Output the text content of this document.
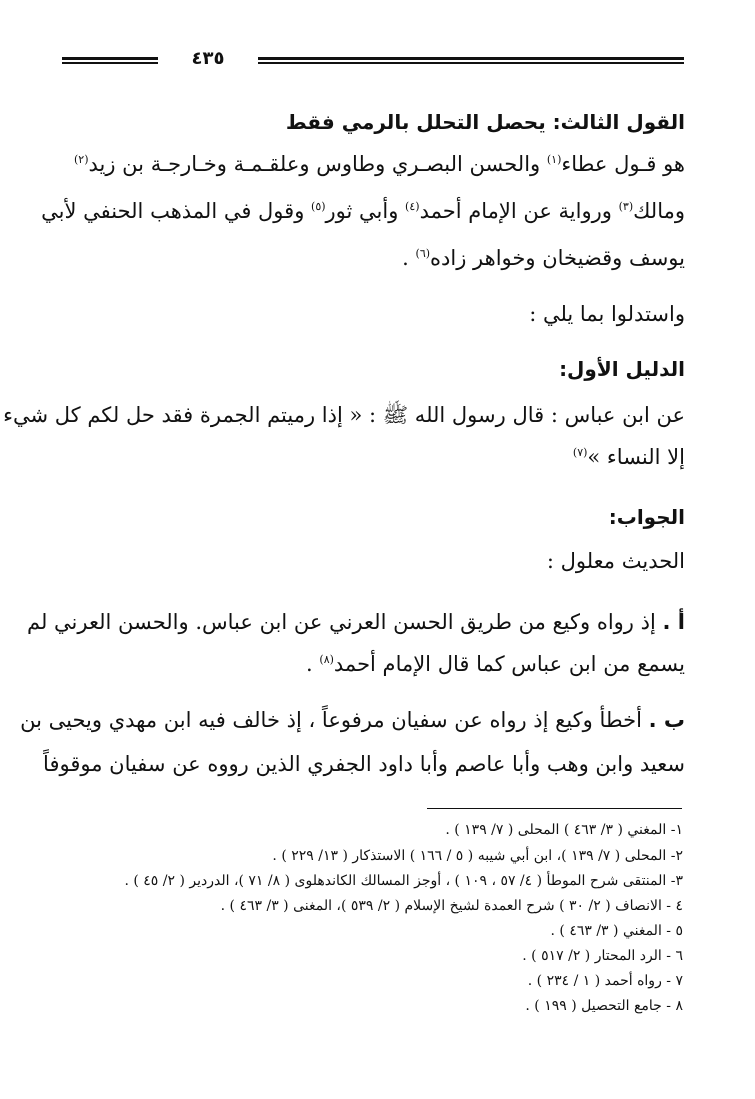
٤٣٥
القول الثالث: يحصل التحلل بالرمي فقط
هو قـول عطاء$^{(١)}$ والحسن البصـري وطاوس وعلقـمـة وخـارجـة بن زيد$^{(٢)}$
ومالك$^{(٣)}$ ورواية عن الإمام أحمد$^{(٤)}$ وأبي ثور$^{(٥)}$ وقول في المذهب الحنفي لأبي
يوسف وقضيخان وخواهر زاده$^{(٦)}$ .
واستدلوا بما يلي :
الدليل الأول:
عن ابن عباس : قال رسول الله ﷺ : « إذا رميتم الجمرة فقد حل لكم كل شيء
إلا النساء »$^{(٧)}$
الجواب:
الحديث معلول :
أ . إذ رواه وكيع من طريق الحسن العرني عن ابن عباس. والحسن العرني لم
يسمع من ابن عباس كما قال الإمام أحمد$^{(٨)}$ .
ب . أخطأ وكيع إذ رواه عن سفيان مرفوعاً ، إذ خالف فيه ابن مهدي ويحيى بن
سعيد وابن وهب وأبا عاصم وأبا داود الجفري الذين رووه عن سفيان موقوفاً
١- المغني ( ٣/ ٤٦٣ ) المحلى ( ٧/ ١٣٩ ) .
٢- المحلى ( ٧/ ١٣٩ )، ابن أبي شيبه ( ٥ / ١٦٦ ) الاستذكار ( ١٣/ ٢٢٩ ) .
٣- المنتقى شرح الموطأ ( ٤/ ٥٧ ، ١٠٩ ) ، أوجز المسالك الكاندهلوى ( ٨/ ٧١ )، الدردير ( ٢/ ٤٥ ) .
٤ - الانصاف ( ٢/ ٣٠ ) شرح العمدة لشيخ الإسلام ( ٢/ ٥٣٩ )، المغنى ( ٣/ ٤٦٣ ) .
٥ - المغني ( ٣/ ٤٦٣ ) .
٦ - الرد المحتار ( ٢/ ٥١٧ ) .
٧ - رواه أحمد ( ١ / ٢٣٤ ) .
٨ - جامع التحصيل ( ١٩٩ ) .
